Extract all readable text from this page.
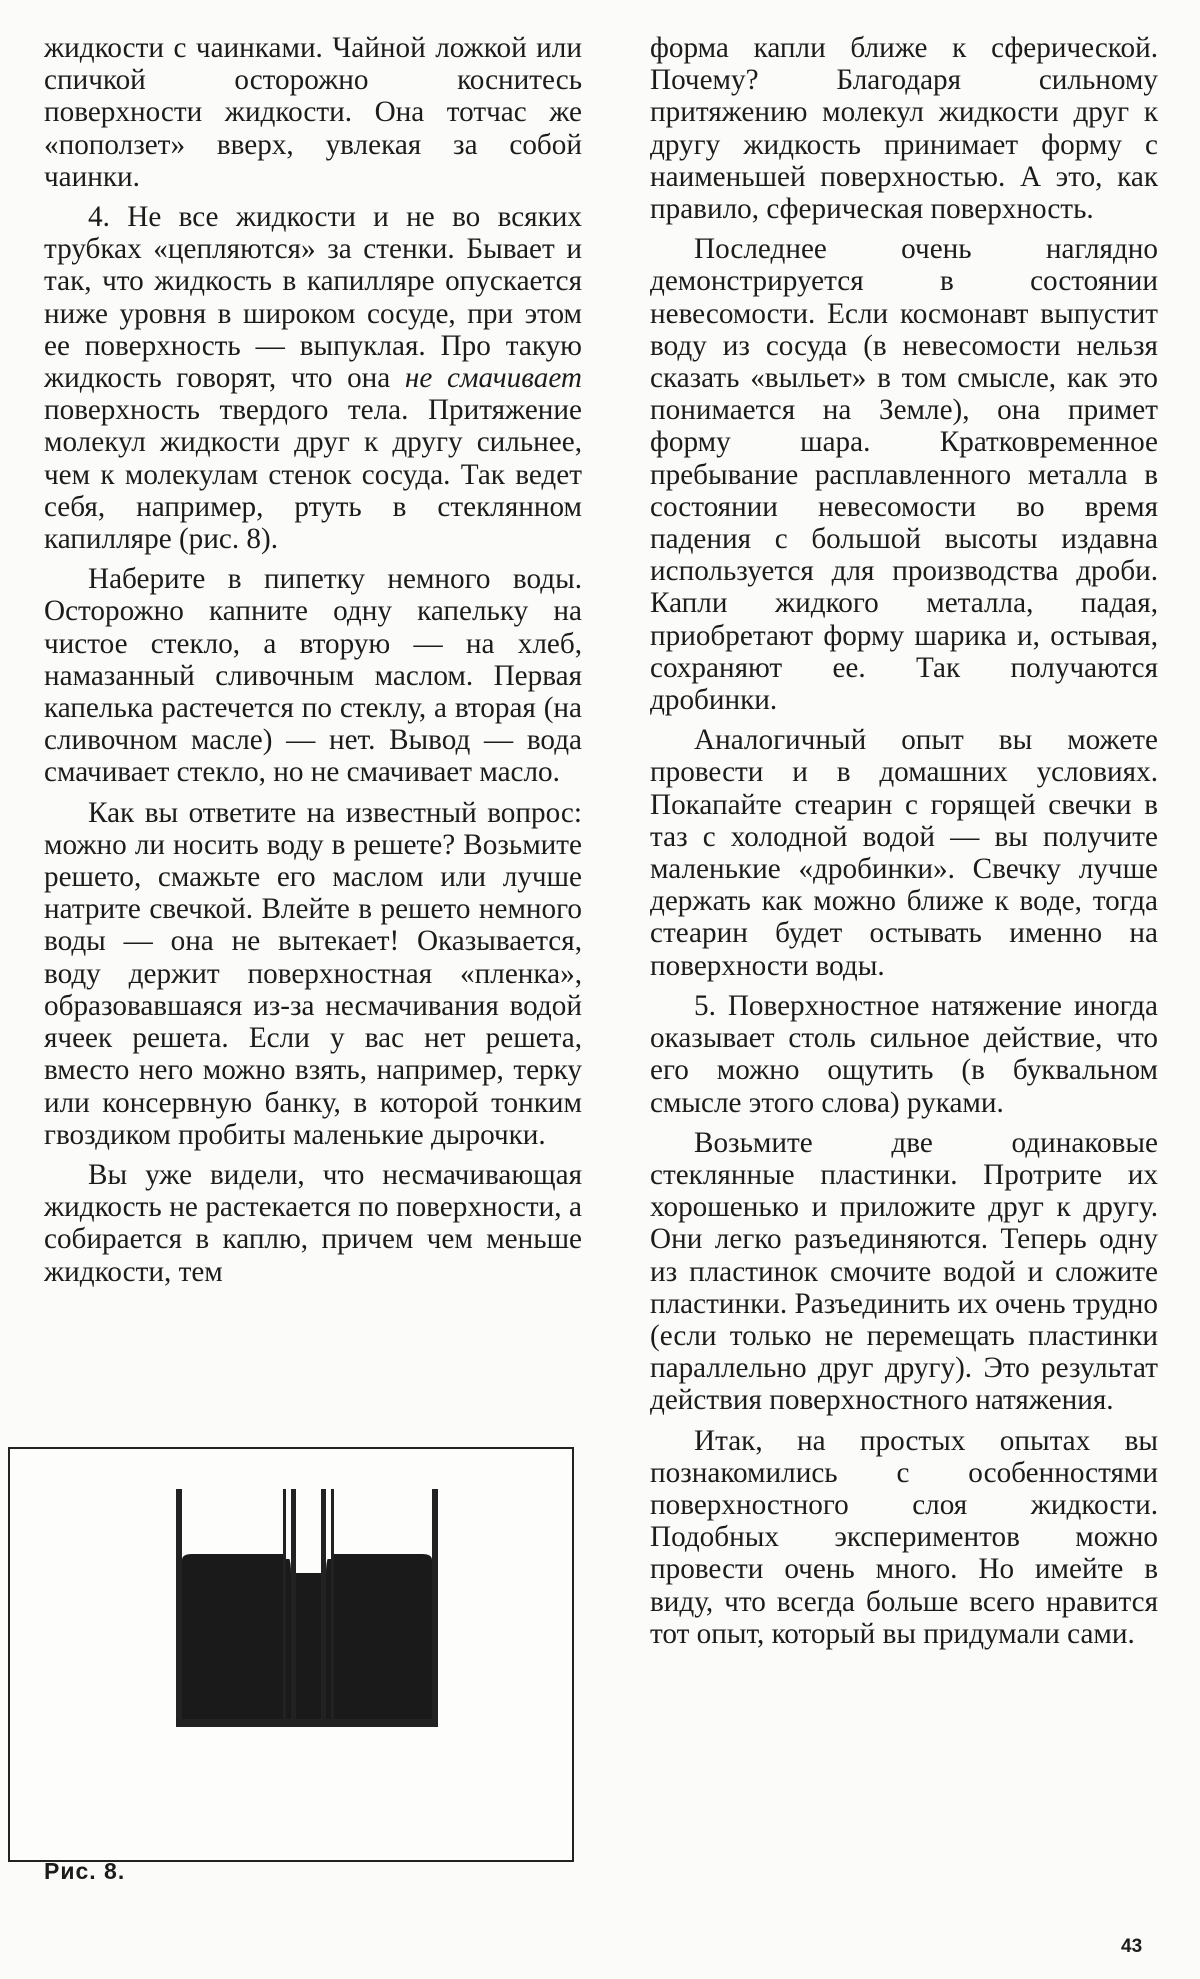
жидкости с чаинками. Чайной ложкой или спичкой осторожно коснитесь поверхности жидкости. Она тотчас же «поползет» вверх, увлекая за собой чаинки.

4. Не все жидкости и не во всяких трубках «цепляются» за стенки. Бывает и так, что жидкость в капилляре опускается ниже уровня в широком сосуде, при этом ее поверхность — выпуклая. Про такую жидкость говорят, что она не смачивает поверхность твердого тела. Притяжение молекул жидкости друг к другу сильнее, чем к молекулам стенок сосуда. Так ведет себя, например, ртуть в стеклянном капилляре (рис. 8).

Наберите в пипетку немного воды. Осторожно капните одну капельку на чистое стекло, а вторую — на хлеб, намазанный сливочным маслом. Первая капелька растечется по стеклу, а вторая (на сливочном масле) — нет. Вывод — вода смачивает стекло, но не смачивает масло.

Как вы ответите на известный вопрос: можно ли носить воду в решете? Возьмите решето, смажьте его маслом или лучше натрите свечкой. Влейте в решето немного воды — она не вытекает! Оказывается, воду держит поверхностная «пленка», образовавшаяся из-за несмачивания водой ячеек решета. Если у вас нет решета, вместо него можно взять, например, терку или консервную банку, в которой тонким гвоздиком пробиты маленькие дырочки.

Вы уже видели, что несмачивающая жидкость не растекается по поверхности, а собирается в каплю, причем чем меньше жидкости, тем

форма капли ближе к сферической. Почему? Благодаря сильному притяжению молекул жидкости друг к другу жидкость принимает форму с наименьшей поверхностью. А это, как правило, сферическая поверхность.

Последнее очень наглядно демонстрируется в состоянии невесомости. Если космонавт выпустит воду из сосуда (в невесомости нельзя сказать «выльет» в том смысле, как это понимается на Земле), она примет форму шара. Кратковременное пребывание расплавленного металла в состоянии невесомости во время падения с большой высоты издавна используется для производства дроби. Капли жидкого металла, падая, приобретают форму шарика и, остывая, сохраняют ее. Так получаются дробинки.

Аналогичный опыт вы можете провести и в домашних условиях. Покапайте стеарин с горящей свечки в таз с холодной водой — вы получите маленькие «дробинки». Свечку лучше держать как можно ближе к воде, тогда стеарин будет остывать именно на поверхности воды.

5. Поверхностное натяжение иногда оказывает столь сильное действие, что его можно ощутить (в буквальном смысле этого слова) руками.

Возьмите две одинаковые стеклянные пластинки. Протрите их хорошенько и приложите друг к другу. Они легко разъединяются. Теперь одну из пластинок смочите водой и сложите пластинки. Разъединить их очень трудно (если только не перемещать пластинки параллельно друг другу). Это результат действия поверхностного натяжения.

Итак, на простых опытах вы познакомились с особенностями поверхностного слоя жидкости. Подобных экспериментов можно провести очень много. Но имейте в виду, что всегда больше всего нравится тот опыт, который вы придумали сами.

Рис. 8.
43
